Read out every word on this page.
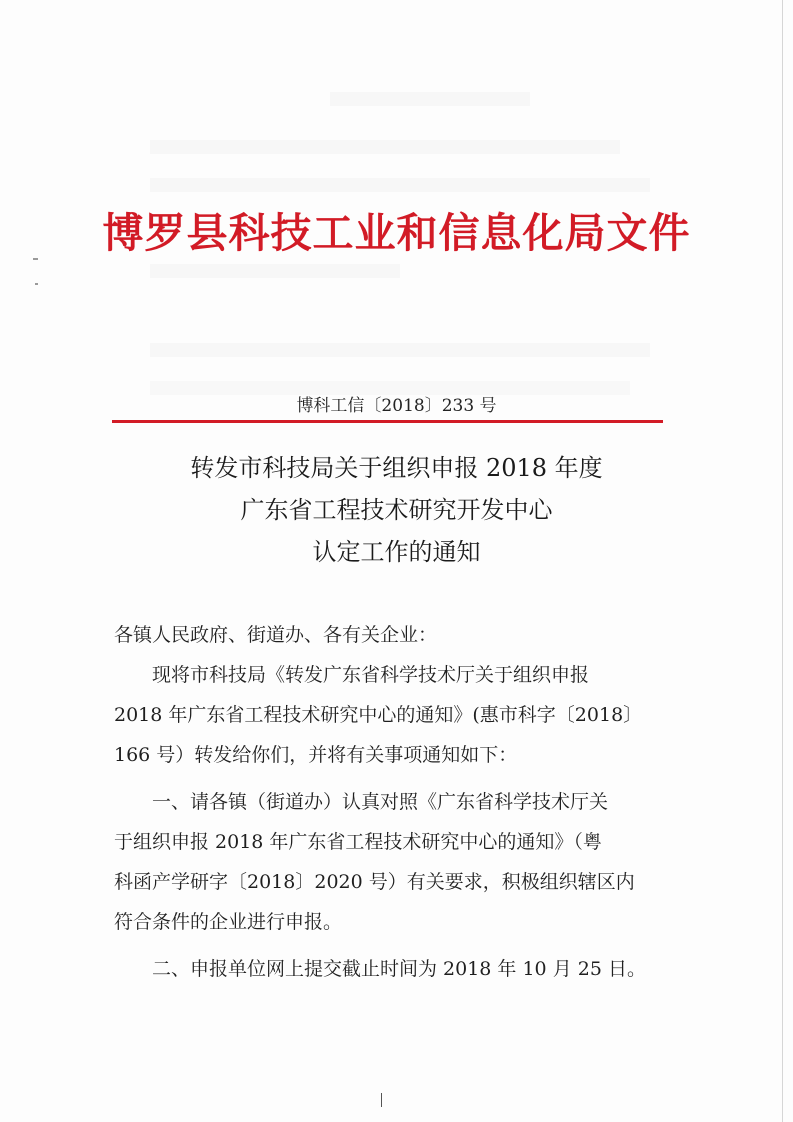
博罗县科技工业和信息化局文件
博科工信〔2018〕233 号
转发市科技局关于组织申报 2018 年度
广东省工程技术研究开发中心
认定工作的通知
各镇人民政府、街道办、各有关企业：
现将市科技局《转发广东省科学技术厅关于组织申报
2018 年广东省工程技术研究中心的通知》(惠市科字〔2018〕
166 号）转发给你们，并将有关事项通知如下：
一、请各镇（街道办）认真对照《广东省科学技术厅关
于组织申报 2018 年广东省工程技术研究中心的通知》（粤
科函产学研字〔2018〕2020 号）有关要求，积极组织辖区内
符合条件的企业进行申报。
二、申报单位网上提交截止时间为 2018 年 10 月 25 日。
